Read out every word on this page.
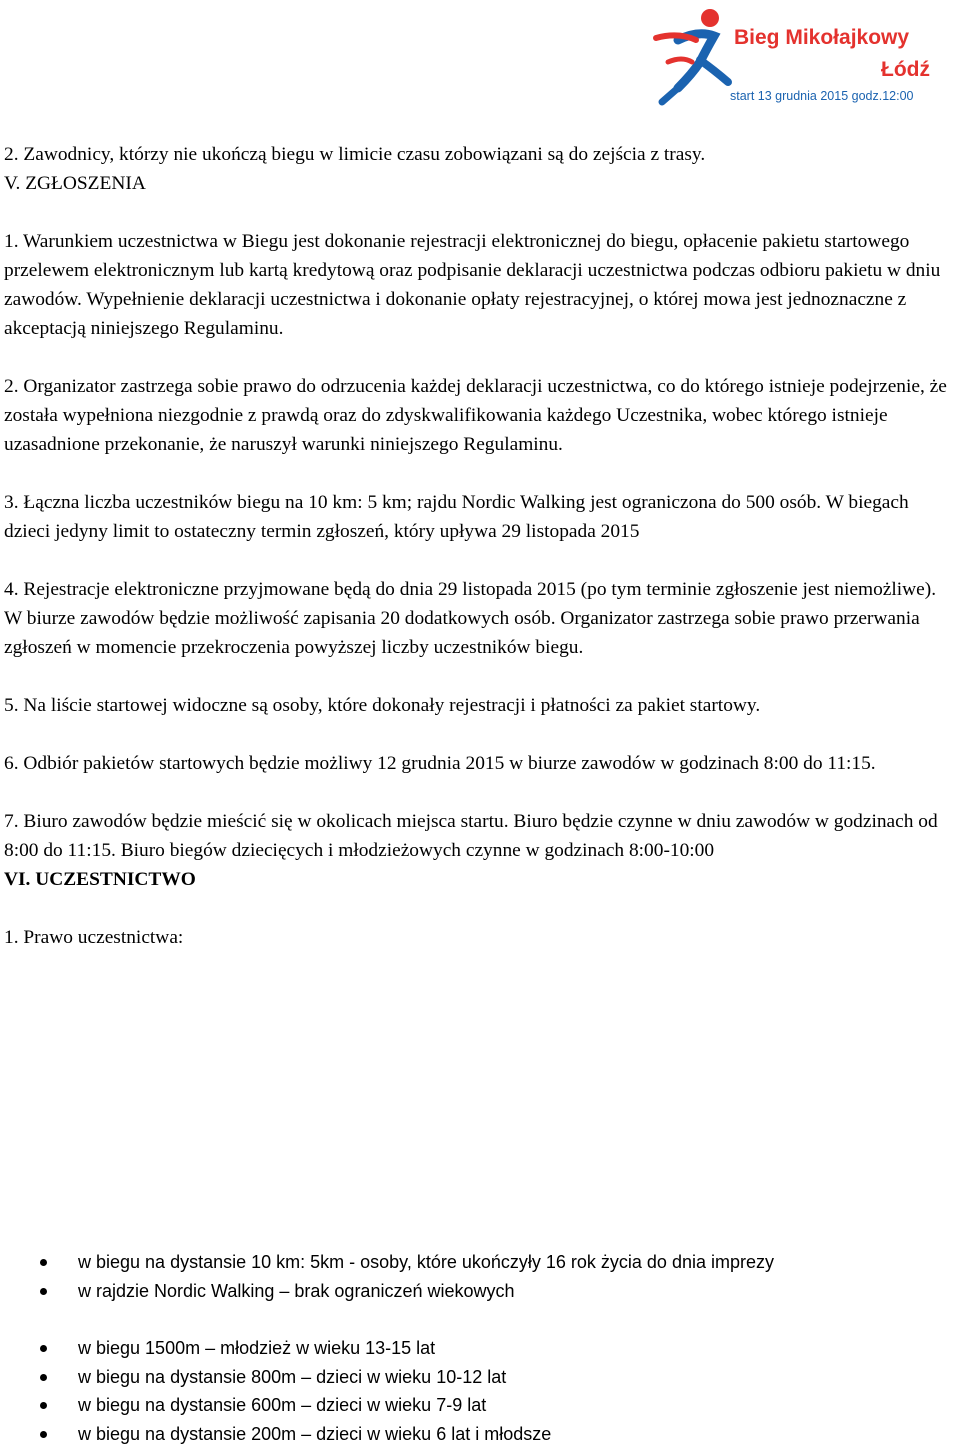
Bieg Mikołajkowy
Łódź
start 13 grudnia 2015 godz.12:00

2. Zawodnicy, którzy nie ukończą biegu w limicie czasu zobowiązani są do zejścia z trasy.

V. ZGŁOSZENIA

1. Warunkiem uczestnictwa w Biegu jest dokonanie rejestracji elektronicznej do biegu, opłacenie pakietu startowego przelewem elektronicznym lub kartą kredytową oraz podpisanie deklaracji uczestnictwa podczas odbioru pakietu w dniu zawodów. Wypełnienie deklaracji uczestnictwa i dokonanie opłaty rejestracyjnej, o której mowa jest jednoznaczne z akceptacją niniejszego Regulaminu.

2. Organizator zastrzega sobie prawo do odrzucenia każdej deklaracji uczestnictwa, co do którego istnieje podejrzenie, że została wypełniona niezgodnie z prawdą oraz do zdyskwalifikowania każdego Uczestnika, wobec którego istnieje uzasadnione przekonanie, że naruszył warunki niniejszego Regulaminu.

3. Łączna liczba uczestników biegu na 10 km: 5 km; rajdu Nordic Walking jest ograniczona do 500 osób. W biegach dzieci jedyny limit to ostateczny termin zgłoszeń, który upływa 29 listopada 2015

4. Rejestracje elektroniczne przyjmowane będą do dnia 29 listopada 2015 (po tym terminie zgłoszenie jest niemożliwe). W biurze zawodów będzie możliwość zapisania 20 dodatkowych osób. Organizator zastrzega sobie prawo przerwania zgłoszeń w momencie przekroczenia powyższej liczby uczestników biegu.

5. Na liście startowej widoczne są osoby, które dokonały rejestracji i płatności za pakiet startowy.

6. Odbiór pakietów startowych będzie możliwy 12 grudnia 2015 w biurze zawodów w godzinach 8:00 do 11:15.

7. Biuro zawodów będzie mieścić się w okolicach miejsca startu. Biuro będzie czynne w dniu zawodów w godzinach od 8:00 do 11:15. Biuro biegów dziecięcych i młodzieżowych czynne w godzinach 8:00-10:00

VI. UCZESTNICTWO

1. Prawo uczestnictwa:

w biegu na dystansie 10 km: 5km - osoby, które ukończyły 16 rok życia do dnia imprezy
w rajdzie Nordic Walking – brak ograniczeń wiekowych
w biegu 1500m – młodzież w wieku 13-15 lat
w biegu na dystansie 800m – dzieci w wieku 10-12 lat
w biegu na dystansie 600m – dzieci w wieku 7-9 lat
w biegu na dystansie 200m – dzieci w wieku 6 lat i młodsze
